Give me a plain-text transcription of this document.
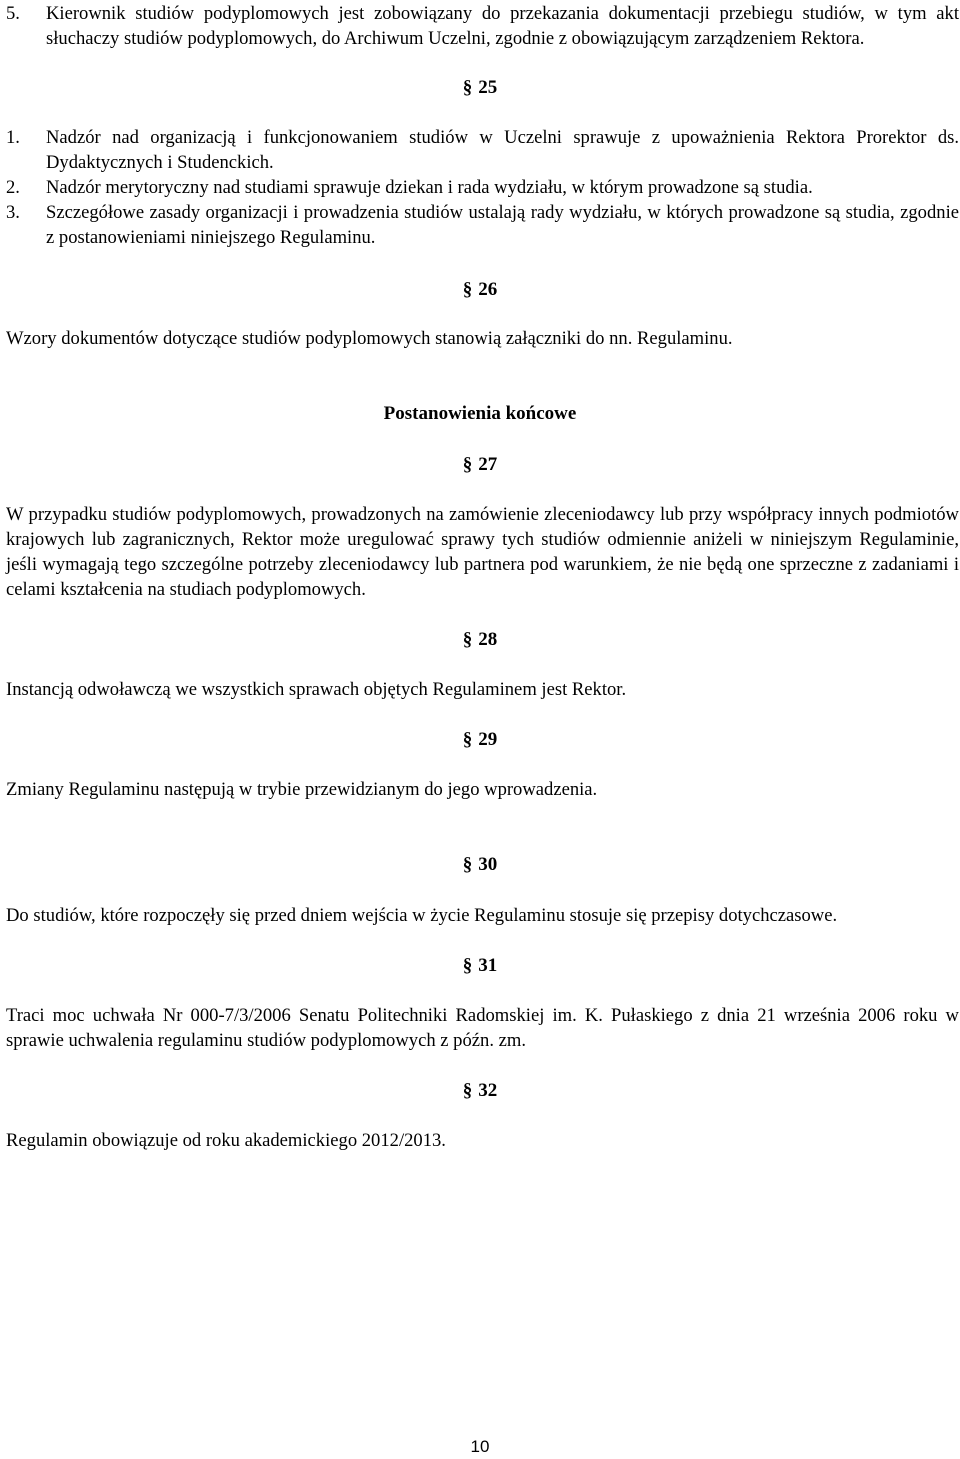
5. Kierownik studiów podyplomowych jest zobowiązany do przekazania dokumentacji przebiegu studiów, w tym akt słuchaczy studiów podyplomowych, do Archiwum Uczelni, zgodnie z obowiązującym zarządzeniem Rektora.
§ 25
1. Nadzór nad organizacją i funkcjonowaniem studiów w Uczelni sprawuje z upoważnienia Rektora Prorektor ds. Dydaktycznych i Studenckich.
2. Nadzór merytoryczny nad studiami sprawuje dziekan i rada wydziału, w którym prowadzone są studia.
3. Szczegółowe zasady organizacji i prowadzenia studiów ustalają rady wydziału, w których prowadzone są studia, zgodnie z postanowieniami niniejszego Regulaminu.
§ 26
Wzory dokumentów dotyczące studiów podyplomowych stanowią załączniki do nn. Regulaminu.
Postanowienia końcowe
§ 27
W przypadku studiów podyplomowych, prowadzonych na zamówienie zleceniodawcy lub przy współpracy innych podmiotów krajowych lub zagranicznych, Rektor może uregulować sprawy tych studiów odmiennie aniżeli w niniejszym Regulaminie, jeśli wymagają tego szczególne potrzeby zleceniodawcy lub partnera pod warunkiem, że nie będą one sprzeczne z zadaniami i celami kształcenia na studiach podyplomowych.
§ 28
Instancją odwoławczą we wszystkich sprawach objętych Regulaminem jest Rektor.
§ 29
Zmiany Regulaminu następują w trybie przewidzianym do jego wprowadzenia.
§ 30
Do studiów, które rozpoczęły się przed dniem wejścia w życie Regulaminu stosuje się przepisy dotychczasowe.
§ 31
Traci moc uchwała Nr 000-7/3/2006 Senatu Politechniki Radomskiej im. K. Pułaskiego z dnia 21 września 2006 roku w sprawie uchwalenia regulaminu studiów podyplomowych z późn. zm.
§ 32
Regulamin obowiązuje od roku akademickiego 2012/2013.
10
